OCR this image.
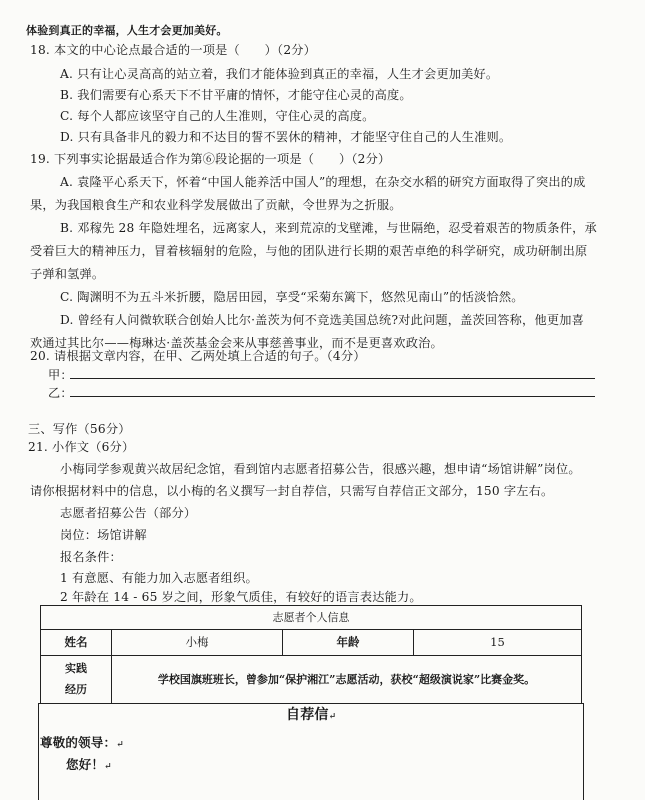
体验到真正的幸福，人生才会更加美好。
18. 本文的中心论点最合适的一项是（　　）（2分）
A. 只有让心灵高高的站立着，我们才能体验到真正的幸福，人生才会更加美好。
B. 我们需要有心系天下不甘平庸的情怀，才能守住心灵的高度。
C. 每个人都应该坚守自己的人生准则，守住心灵的高度。
D. 只有具备非凡的毅力和不达目的誓不罢休的精神，才能坚守住自己的人生准则。
19. 下列事实论据最适合作为第⑥段论据的一项是（　　）（2分）
A. 袁隆平心系天下，怀着“中国人能养活中国人”的理想，在杂交水稻的研究方面取得了突出的成
果，为我国粮食生产和农业科学发展做出了贡献，令世界为之折服。
B. 邓稼先 28 年隐姓埋名，远离家人，来到荒凉的戈壁滩，与世隔绝，忍受着艰苦的物质条件，承
受着巨大的精神压力，冒着核辐射的危险，与他的团队进行长期的艰苦卓绝的科学研究，成功研制出原
子弹和氢弹。
C. 陶渊明不为五斗米折腰，隐居田园，享受“采菊东篱下，悠然见南山”的恬淡恰然。
D. 曾经有人问微软联合创始人比尔·盖茨为何不竞选美国总统?对此问题，盖茨回答称，他更加喜
欢通过其比尔——梅琳达·盖茨基金会来从事慈善事业，而不是更喜欢政治。
20. 请根据文章内容，在甲、乙两处填上合适的句子。（4分）
甲：
乙：
三、写作（56分）
21. 小作文（6分）
小梅同学参观黄兴故居纪念馆，看到馆内志愿者招募公告，很感兴趣，想申请“场馆讲解”岗位。
请你根据材料中的信息，以小梅的名义撰写一封自荐信，只需写自荐信正文部分，150 字左右。
志愿者招募公告（部分）
岗位：场馆讲解
报名条件：
1 有意愿、有能力加入志愿者组织。
2 年龄在 14 - 65 岁之间，形象气质佳，有较好的语言表达能力。
志愿者个人信息			
姓名	小梅	年龄	15

实践
经历	学校国旗班班长，曾参加“保护湘江”志愿活动，获校“超级演说家”比赛金奖。		
自荐信↵
尊敬的领导：↵
您好！↵
